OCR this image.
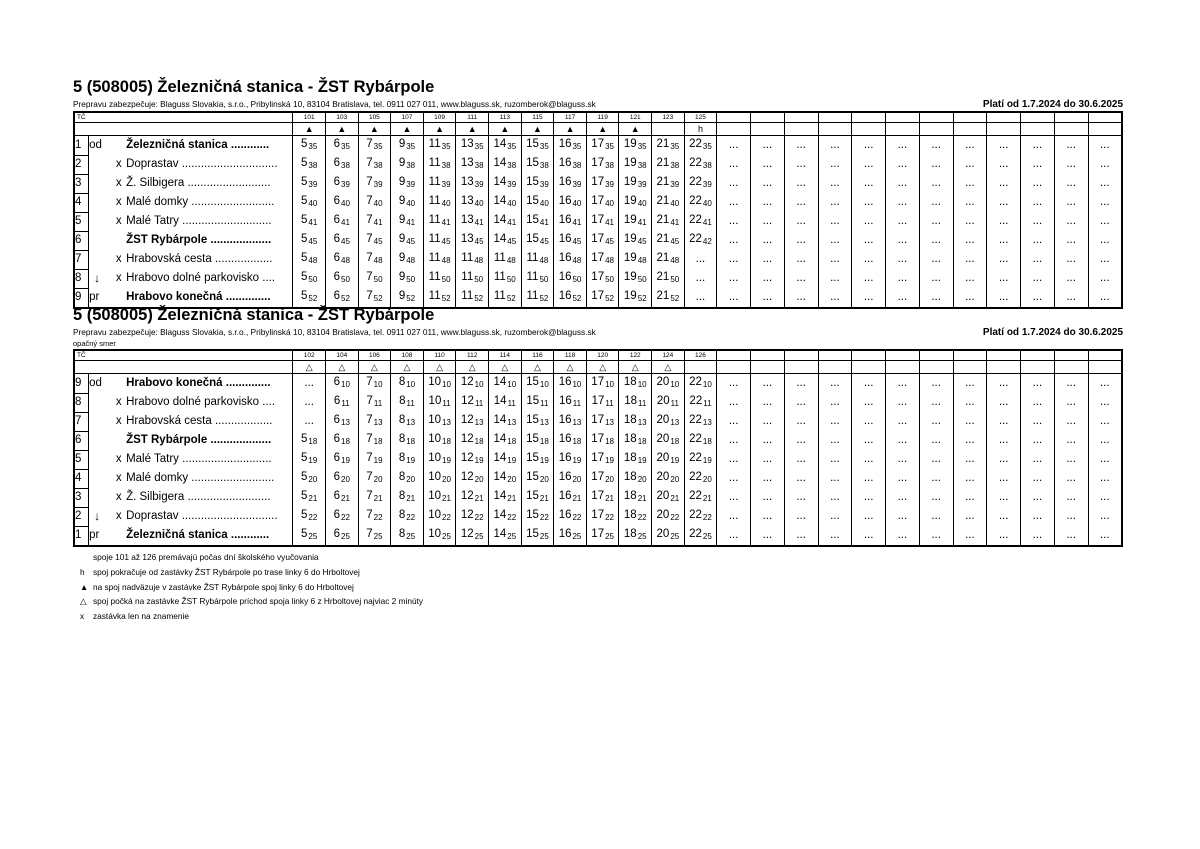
5 (508005) Železničná stanica - ŽST Rybárpole
Prepravu zabezpečuje: Blaguss Slovakia, s.r.o., Pribylinská 10, 83104 Bratislava, tel. 0911 027 011, www.blaguss.sk, ruzomberok@blaguss.sk	Platí od 1.7.2024 do 30.6.2025
TČ				101	103	105	107	109	111	113	115	117	119	121	123	125												
				▲	▲	▲	▲	▲	▲	▲	▲	▲	▲	▲		h												
1	od		Železničná stanica ............	$5_{35}$	$6_{35}$	$7_{35}$	$9_{35}$	$11_{35}$	$13_{35}$	$14_{35}$	$15_{35}$	$16_{35}$	$17_{35}$	$19_{35}$	$21_{35}$	$22_{35}$	...	...	...	...	...	...	...	...	...	...	...	...
2		x	Doprastav ..............................	$5_{38}$	$6_{38}$	$7_{38}$	$9_{38}$	$11_{38}$	$13_{38}$	$14_{38}$	$15_{38}$	$16_{38}$	$17_{38}$	$19_{38}$	$21_{38}$	$22_{38}$	...	...	...	...	...	...	...	...	...	...	...	...
3		x	Ž. Silbigera ..........................	$5_{39}$	$6_{39}$	$7_{39}$	$9_{39}$	$11_{39}$	$13_{39}$	$14_{39}$	$15_{39}$	$16_{39}$	$17_{39}$	$19_{39}$	$21_{39}$	$22_{39}$	...	...	...	...	...	...	...	...	...	...	...	...
4		x	Malé domky ..........................	$5_{40}$	$6_{40}$	$7_{40}$	$9_{40}$	$11_{40}$	$13_{40}$	$14_{40}$	$15_{40}$	$16_{40}$	$17_{40}$	$19_{40}$	$21_{40}$	$22_{40}$	...	...	...	...	...	...	...	...	...	...	...	...
5		x	Malé Tatry ............................	$5_{41}$	$6_{41}$	$7_{41}$	$9_{41}$	$11_{41}$	$13_{41}$	$14_{41}$	$15_{41}$	$16_{41}$	$17_{41}$	$19_{41}$	$21_{41}$	$22_{41}$	...	...	...	...	...	...	...	...	...	...	...	...
6			ŽST Rybárpole ...................	$5_{45}$	$6_{45}$	$7_{45}$	$9_{45}$	$11_{45}$	$13_{45}$	$14_{45}$	$15_{45}$	$16_{45}$	$17_{45}$	$19_{45}$	$21_{45}$	$22_{42}$	...	...	...	...	...	...	...	...	...	...	...	...
7		x	Hrabovská cesta ..................	$5_{48}$	$6_{48}$	$7_{48}$	$9_{48}$	$11_{48}$	$11_{48}$	$11_{48}$	$11_{48}$	$16_{48}$	$17_{48}$	$19_{48}$	$21_{48}$	...	...	...	...	...	...	...	...	...	...	...	...	...
8	↓	x	Hrabovo dolné parkovisko ....	$5_{50}$	$6_{50}$	$7_{50}$	$9_{50}$	$11_{50}$	$11_{50}$	$11_{50}$	$11_{50}$	$16_{50}$	$17_{50}$	$19_{50}$	$21_{50}$	...	...	...	...	...	...	...	...	...	...	...	...	...
9	pr		Hrabovo konečná ..............	$5_{52}$	$6_{52}$	$7_{52}$	$9_{52}$	$11_{52}$	$11_{52}$	$11_{52}$	$11_{52}$	$16_{52}$	$17_{52}$	$19_{52}$	$21_{52}$	...	...	...	...	...	...	...	...	...	...	...	...	...
5 (508005) Železničná stanica - ŽST Rybárpole
Prepravu zabezpečuje: Blaguss Slovakia, s.r.o., Pribylinská 10, 83104 Bratislava, tel. 0911 027 011, www.blaguss.sk, ruzomberok@blaguss.sk	Platí od 1.7.2024 do 30.6.2025
opačný smer
TČ				102	104	106	108	110	112	114	116	118	120	122	124	126												
				△	△	△	△	△	△	△	△	△	△	△	△													
9	od		Hrabovo konečná ..............	...	$6_{10}$	$7_{10}$	$8_{10}$	$10_{10}$	$12_{10}$	$14_{10}$	$15_{10}$	$16_{10}$	$17_{10}$	$18_{10}$	$20_{10}$	$22_{10}$	...	...	...	...	...	...	...	...	...	...	...	...
8		x	Hrabovo dolné parkovisko ....	...	$6_{11}$	$7_{11}$	$8_{11}$	$10_{11}$	$12_{11}$	$14_{11}$	$15_{11}$	$16_{11}$	$17_{11}$	$18_{11}$	$20_{11}$	$22_{11}$	...	...	...	...	...	...	...	...	...	...	...	...
7		x	Hrabovská cesta ..................	...	$6_{13}$	$7_{13}$	$8_{13}$	$10_{13}$	$12_{13}$	$14_{13}$	$15_{13}$	$16_{13}$	$17_{13}$	$18_{13}$	$20_{13}$	$22_{13}$	...	...	...	...	...	...	...	...	...	...	...	...
6			ŽST Rybárpole ...................	$5_{18}$	$6_{18}$	$7_{18}$	$8_{18}$	$10_{18}$	$12_{18}$	$14_{18}$	$15_{18}$	$16_{18}$	$17_{18}$	$18_{18}$	$20_{18}$	$22_{18}$	...	...	...	...	...	...	...	...	...	...	...	...
5		x	Malé Tatry ............................	$5_{19}$	$6_{19}$	$7_{19}$	$8_{19}$	$10_{19}$	$12_{19}$	$14_{19}$	$15_{19}$	$16_{19}$	$17_{19}$	$18_{19}$	$20_{19}$	$22_{19}$	...	...	...	...	...	...	...	...	...	...	...	...
4		x	Malé domky ..........................	$5_{20}$	$6_{20}$	$7_{20}$	$8_{20}$	$10_{20}$	$12_{20}$	$14_{20}$	$15_{20}$	$16_{20}$	$17_{20}$	$18_{20}$	$20_{20}$	$22_{20}$	...	...	...	...	...	...	...	...	...	...	...	...
3		x	Ž. Silbigera ..........................	$5_{21}$	$6_{21}$	$7_{21}$	$8_{21}$	$10_{21}$	$12_{21}$	$14_{21}$	$15_{21}$	$16_{21}$	$17_{21}$	$18_{21}$	$20_{21}$	$22_{21}$	...	...	...	...	...	...	...	...	...	...	...	...
2	↓	x	Doprastav ..............................	$5_{22}$	$6_{22}$	$7_{22}$	$8_{22}$	$10_{22}$	$12_{22}$	$14_{22}$	$15_{22}$	$16_{22}$	$17_{22}$	$18_{22}$	$20_{22}$	$22_{22}$	...	...	...	...	...	...	...	...	...	...	...	...
1	pr		Železničná stanica ............	$5_{25}$	$6_{25}$	$7_{25}$	$8_{25}$	$10_{25}$	$12_{25}$	$14_{25}$	$15_{25}$	$16_{25}$	$17_{25}$	$18_{25}$	$20_{25}$	$22_{25}$	...	...	...	...	...	...	...	...	...	...	...	...
spoje 101 až 126 premávajú počas dní školského vyučovania
h spoj pokračuje od zastávky ŽST Rybárpole po trase linky 6 do Hrboltovej
▲ na spoj nadväzuje v zastávke ŽST Rybárpole spoj linky 6 do Hrboltovej
△ spoj počká na zastávke ŽST Rybárpole príchod spoja linky 6 z Hrboltovej najviac 2 minúty
x zastávka len na znamenie
